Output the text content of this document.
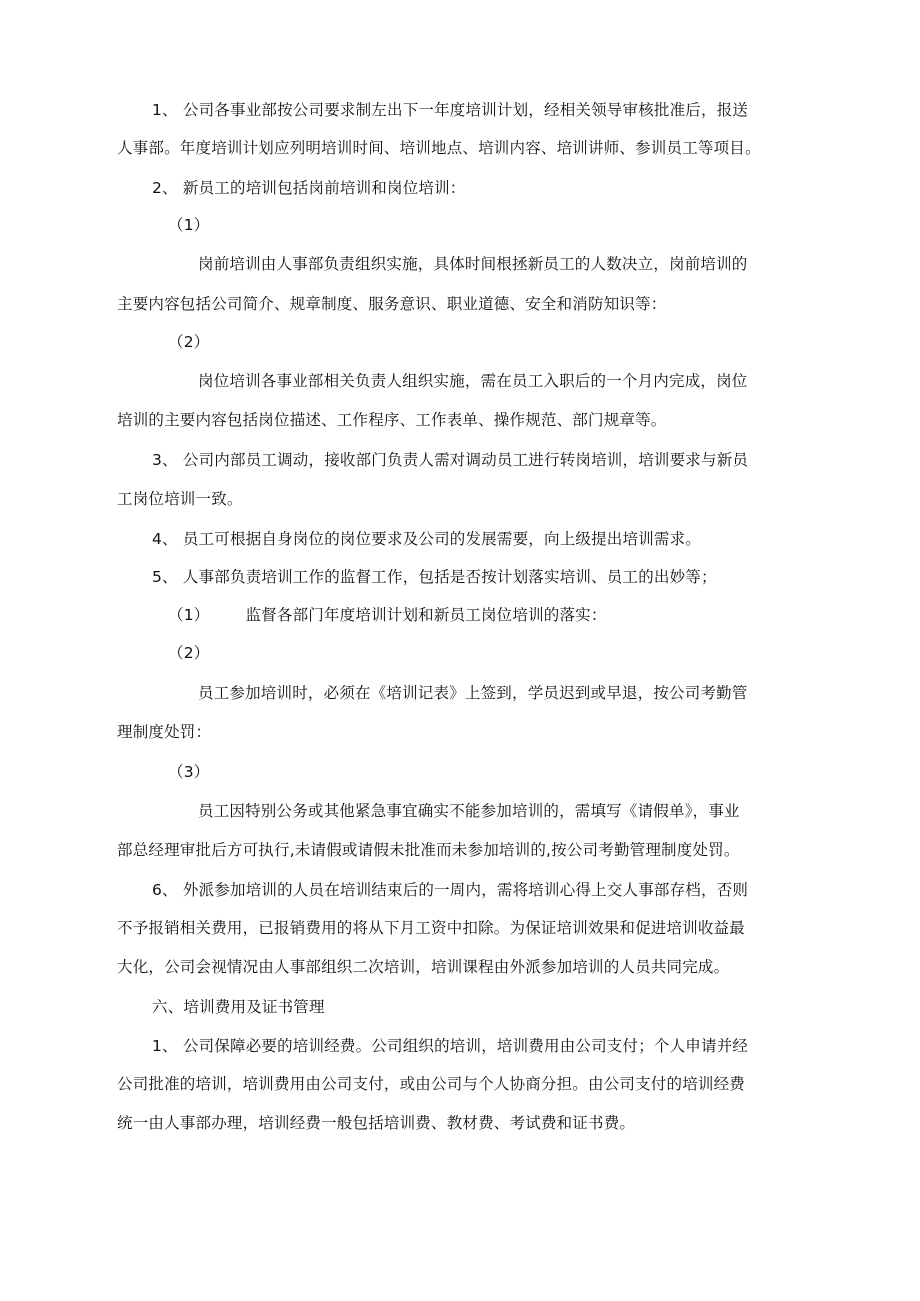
1、 公司各事业部按公司要求制左出下一年度培训计划，经相关领导审核批准后，报送
人事部。年度培训计划应列明培训时间、培训地点、培训内容、培训讲师、参训员工等项目。
2、 新员工的培训包括岗前培训和岗位培训：
（1）
岗前培训由人事部负责组织实施，具体时间根拯新员工的人数决立，岗前培训的
主要内容包括公司简介、规章制度、服务意识、职业道德、安全和消防知识等：
（2）
岗位培训各事业部相关负责人组织实施，需在员工入职后的一个月内完成，岗位
培训的主要内容包括岗位描述、工作程序、工作表单、操作规范、部门规章等。
3、 公司内部员工调动，接收部门负责人需对调动员工进行转岗培训，培训要求与新员
工岗位培训一致。
4、 员工可根据自身岗位的岗位要求及公司的发展需要，向上级提出培训需求。
5、 人事部负责培训工作的监督工作，包括是否按计划落实培训、员工的出妙等；
（1） 监督各部门年度培训计划和新员工岗位培训的落实：
（2）
员工参加培训时，必须在《培训记表》上签到，学员迟到或早退，按公司考勤管
理制度处罚：
（3）
员工因特别公务或其他紧急事宜确实不能参加培训的，需填写《请假单》，事业
部总经理审批后方可执行,未请假或请假未批准而未参加培训的,按公司考勤管理制度处罚。
6、 外派参加培训的人员在培训结束后的一周内，需将培训心得上交人事部存档，否则
不予报销相关费用，已报销费用的将从下月工资中扣除。为保证培训效果和促进培训收益最
大化，公司会视情况由人事部组织二次培训，培训课程由外派参加培训的人员共同完成。
六、培训费用及证书管理
1、 公司保障必要的培训经费。公司组织的培训，培训费用由公司支付；个人申请并经
公司批准的培训，培训费用由公司支付，或由公司与个人协商分担。由公司支付的培训经费
统一由人事部办理，培训经费一般包括培训费、教材费、考试费和证书费。
